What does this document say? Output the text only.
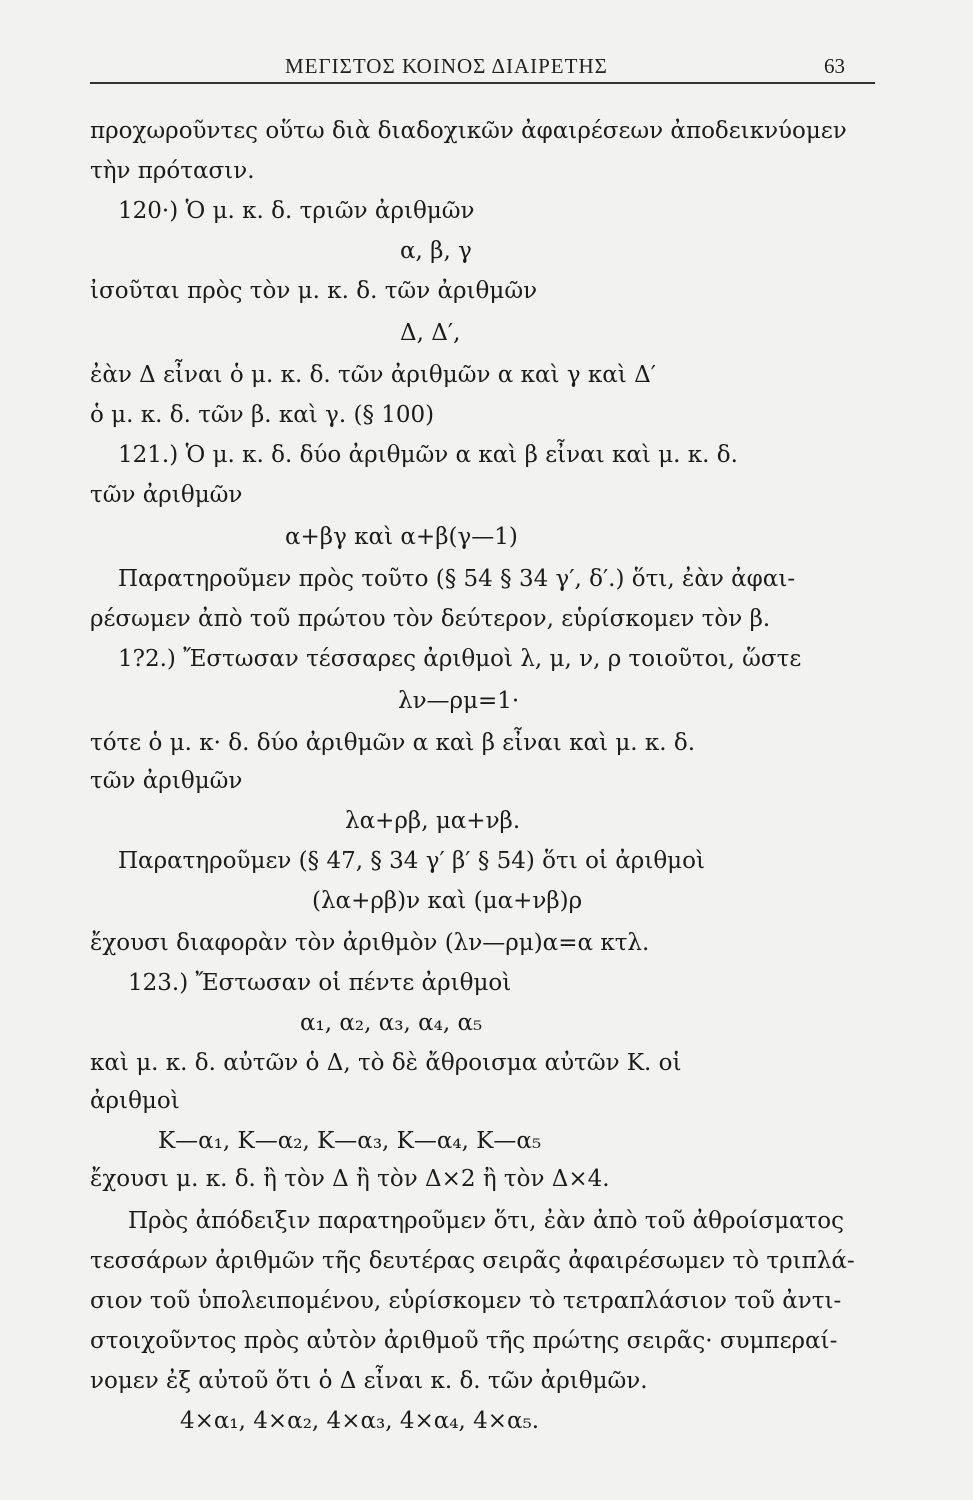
ΜΕΓΙΣΤΟΣ ΚΟΙΝΟΣ ΔΙΑΙΡΕΤΗΣ	63
προχωροῦντες οὕτω διὰ διαδοχικῶν ἀφαιρέσεων ἀποδεικνύομεν
τὴν πρότασιν.
120·) Ὁ μ. κ. δ. τριῶν ἀριθμῶν
α, β, γ
ἰσοῦται πρὸς τὸν μ. κ. δ. τῶν ἀριθμῶν
Δ, Δ′,
ἐὰν Δ εἶναι ὁ μ. κ. δ. τῶν ἀριθμῶν α καὶ γ καὶ Δ′
ὁ μ. κ. δ. τῶν β. καὶ γ. (§ 100)
121.) Ὁ μ. κ. δ. δύο ἀριθμῶν α καὶ β εἶναι καὶ μ. κ. δ.
τῶν ἀριθμῶν
α+βγ καὶ α+β(γ—1)
Παρατηροῦμεν πρὸς τοῦτο (§ 54 § 34 γ′, δ′.) ὅτι, ἐὰν ἀφαι-
ρέσωμεν ἀπὸ τοῦ πρώτου τὸν δεύτερον, εὑρίσκομεν τὸν β.
1?2.) Ἔστωσαν τέσσαρες ἀριθμοὶ λ, μ, ν, ρ τοιοῦτοι, ὥστε
λν—ρμ=1·
τότε ὁ μ. κ· δ. δύο ἀριθμῶν α καὶ β εἶναι καὶ μ. κ. δ.
τῶν ἀριθμῶν
λα+ρβ, μα+νβ.
Παρατηροῦμεν (§ 47, § 34 γ′ β′ § 54) ὅτι οἱ ἀριθμοὶ
(λα+ρβ)ν καὶ (μα+νβ)ρ
ἔχουσι διαφορὰν τὸν ἀριθμὸν (λν—ρμ)α=α κτλ.
123.) Ἔστωσαν οἱ πέντε ἀριθμοὶ
α₁, α₂, α₃, α₄, α₅
καὶ μ. κ. δ. αὐτῶν ὁ Δ, τὸ δὲ ἄθροισμα αὐτῶν Κ. οἱ
ἀριθμοὶ
Κ—α₁, Κ—α₂, Κ—α₃, Κ—α₄, Κ—α₅
ἔχουσι μ. κ. δ. ἢ τὸν Δ ἢ τὸν Δ×2 ἢ τὸν Δ×4.
Πρὸς ἀπόδειξιν παρατηροῦμεν ὅτι, ἐὰν ἀπὸ τοῦ ἀθροίσματος
τεσσάρων ἀριθμῶν τῆς δευτέρας σειρᾶς ἀφαιρέσωμεν τὸ τριπλά-
σιον τοῦ ὑπολειπομένου, εὑρίσκομεν τὸ τετραπλάσιον τοῦ ἀντι-
στοιχοῦντος πρὸς αὐτὸν ἀριθμοῦ τῆς πρώτης σειρᾶς· συμπεραί-
νομεν ἐξ αὐτοῦ ὅτι ὁ Δ εἶναι κ. δ. τῶν ἀριθμῶν.
4×α₁, 4×α₂, 4×α₃, 4×α₄, 4×α₅.
